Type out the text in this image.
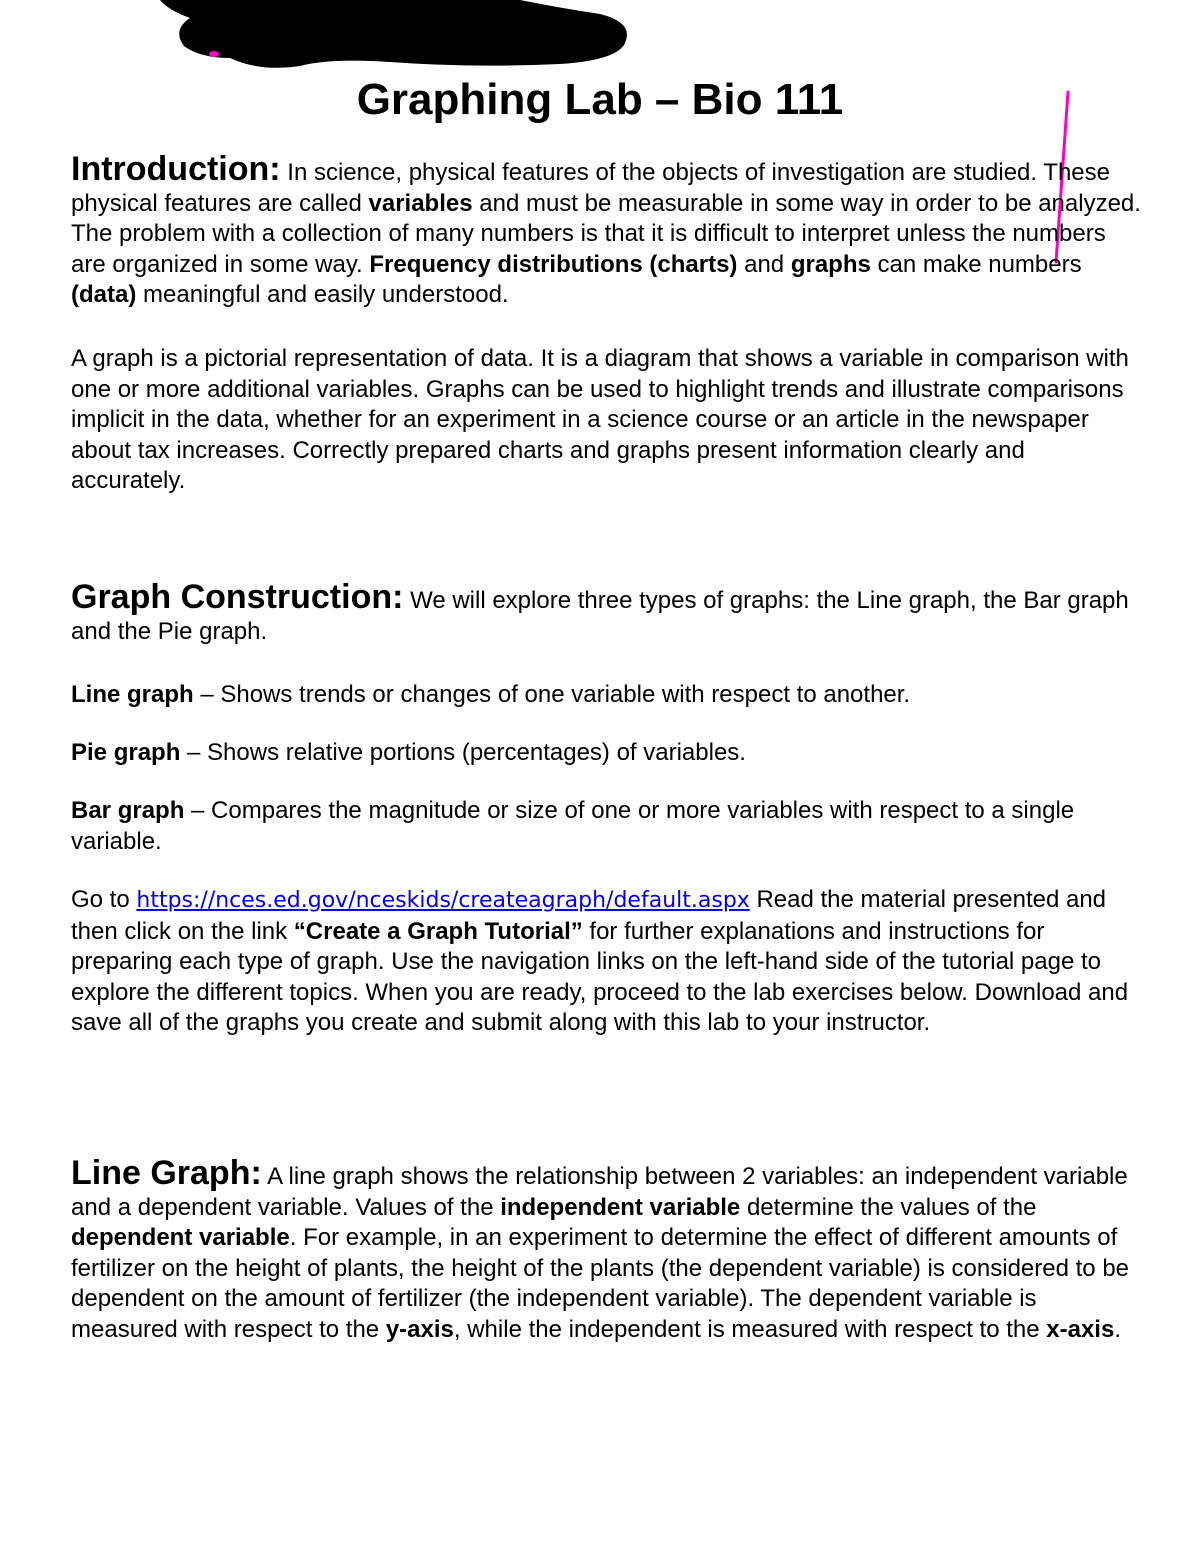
Graphing Lab – Bio 111

Introduction: In science, physical features of the objects of investigation are studied. These physical features are called variables and must be measurable in some way in order to be analyzed. The problem with a collection of many numbers is that it is difficult to interpret unless the numbers are organized in some way. Frequency distributions (charts) and graphs can make numbers (data) meaningful and easily understood.

A graph is a pictorial representation of data. It is a diagram that shows a variable in comparison with one or more additional variables. Graphs can be used to highlight trends and illustrate comparisons implicit in the data, whether for an experiment in a science course or an article in the newspaper about tax increases. Correctly prepared charts and graphs present information clearly and accurately.

Graph Construction: We will explore three types of graphs: the Line graph, the Bar graph and the Pie graph.

Line graph – Shows trends or changes of one variable with respect to another.

Pie graph – Shows relative portions (percentages) of variables.

Bar graph – Compares the magnitude or size of one or more variables with respect to a single variable.

Go to https://nces.ed.gov/nceskids/createagraph/default.aspx Read the material presented and then click on the link “Create a Graph Tutorial” for further explanations and instructions for preparing each type of graph. Use the navigation links on the left-hand side of the tutorial page to explore the different topics. When you are ready, proceed to the lab exercises below. Download and save all of the graphs you create and submit along with this lab to your instructor.

Line Graph: A line graph shows the relationship between 2 variables: an independent variable and a dependent variable. Values of the independent variable determine the values of the dependent variable. For example, in an experiment to determine the effect of different amounts of fertilizer on the height of plants, the height of the plants (the dependent variable) is considered to be dependent on the amount of fertilizer (the independent variable). The dependent variable is measured with respect to the y-axis, while the independent is measured with respect to the x-axis.
